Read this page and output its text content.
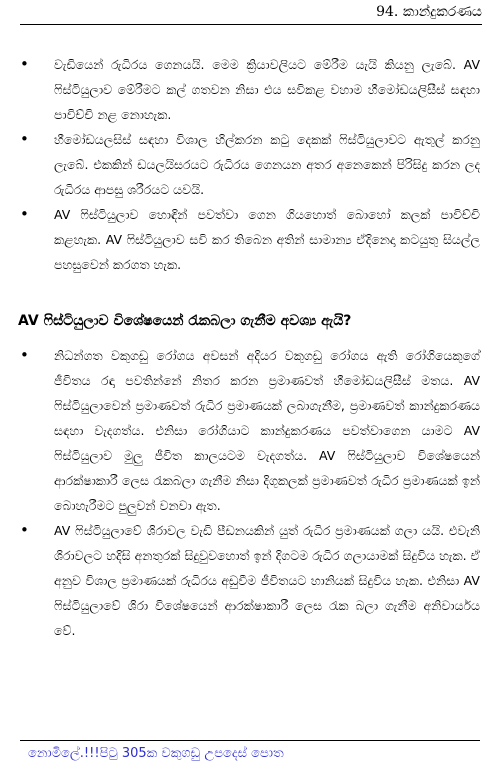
94. කාන්දුකරණය
• වැඩියෙන් රුධිරය ගෙනයයි. මෙම ක්‍රියාවලියට මේරීම යැයි කියනු ලැබේ. AV ෆිස්ටියුලාව මේරීමට කල් ගතවන නිසා එය සවිකළ වහාම හීමෝඩයලිසීස් සඳහා පාවිච්චි නළ නොහැක.
• හීමෝඩයලසිස් සඳහා විශාල හිල්කරන කටු දෙකක් ෆිස්ටියුලාවට ඇතුල් කරනු ලැබේ. එකකින් ඩයලයිසරයට රුධිරය ගෙනයන අතර අනෙකෙන් පිරිසිදු කරන ලද රුධිරය ආපසු ශරීරයට යවයි.
• AV ෆිස්ටියුලාව හොඳින් පවත්වා ගෙන ගියහොත් බොහෝ කලක් පාවිච්චි කළහැක. AV ෆිස්ටියුලාව සවි කර තිබෙන අතින් සාමාන්‍ය ඒදිනෙදා කටයුතු සියල්ල පහසුවෙන් කරගත හැක.
AV ෆිස්ටියුලාව විශේෂයෙන් රැකබලා ගැනීම අවශ්‍ය ඇයි?
• නිධන්ගත වකුගඩු රෝගය අවසන් අදියර වකුගඩු රෝගය ඇති රෝගියෙකුගේ ජීවිතය රඳා පවතින්නේ නිතර කරන ප්‍රමාණවත් හීමෝඩයලිසීස් මතය. AV ෆිස්ටියුලාවෙන් ප්‍රමාණවත් රුධිර ප්‍රමාණයක් ලබාගැනීම, ප්‍රමාණවත් කාන්දුකරණය සඳහා වැදගත්ය. එනිසා රෝගියාට කාන්දුකරණය පවත්වාගෙන යාමට AV ෆිස්ටියුලාව මුලු ජීවිත කාලයටම වැදගත්ය. AV ෆිස්ටියුලාව විශේෂයෙන් ආරක්ෂාකාරී ලෙස රැකබලා ගැනීම නිසා දිගුකලක් ප්‍රමාණවත් රුධිර ප්‍රමාණයක් ඉන් බොහැරීමට පුලුවන් වනවා ඇත.
• AV ෆිස්ටියුලාවේ ශිරාවල වැඩි පීඩනයකින් යුත් රුධිර ප්‍රමාණයක් ගලා යයි. එවැනි ශිරාවලට හදිසි අනතුරක් සිදුවුවහොත් ඉන් දිගටම රුධිර ගලායාමක් සිදුවිය හැක. ඒ අනුව විශාල ප්‍රමාණයක් රුධිරය අඩුවීම ජීවිතයට හානියක් සිදුවිය හැක. එනිසා AV ෆිස්ටියුලාවේ ශිරා විශේෂයෙන් ආරක්ෂාකාරී ලෙස රැක බලා ගැනීම අනිවාර්යය වේ.
නොමිලේ.!!!පිටු 305ක වකුගඩු උපදෙස් පොත
